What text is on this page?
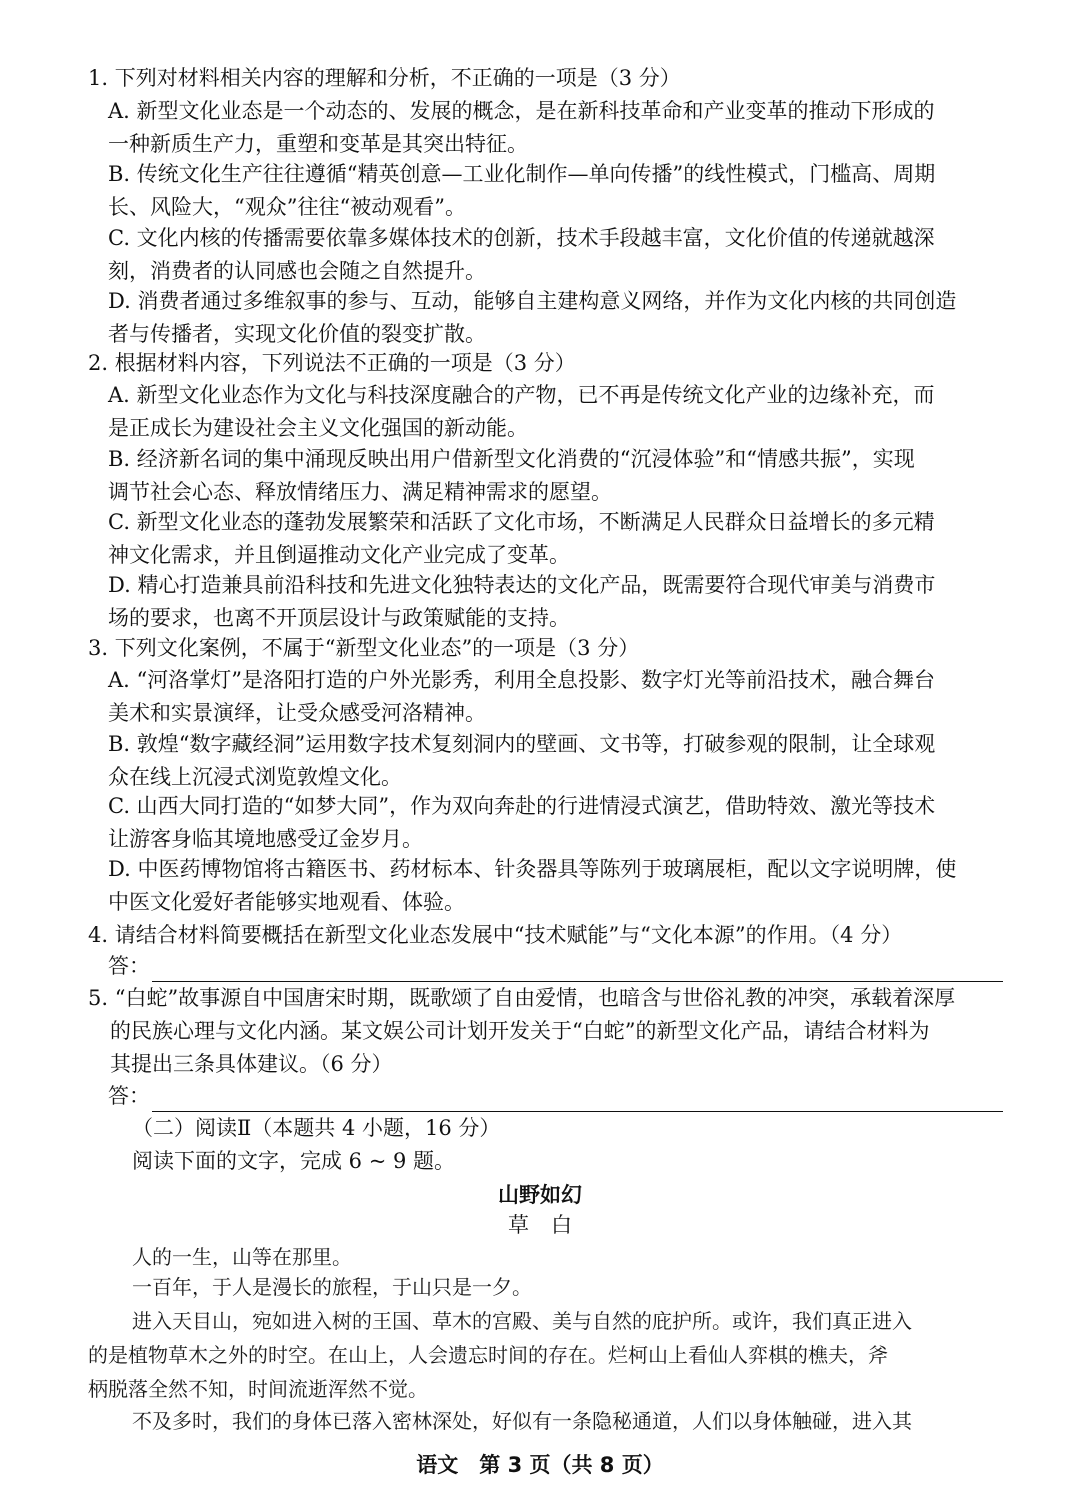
1. 下列对材料相关内容的理解和分析，不正确的一项是（3 分）
A. 新型文化业态是一个动态的、发展的概念，是在新科技革命和产业变革的推动下形成的
一种新质生产力，重塑和变革是其突出特征。
B. 传统文化生产往往遵循“精英创意—工业化制作—单向传播”的线性模式，门槛高、周期
长、风险大，“观众”往往“被动观看”。
C. 文化内核的传播需要依靠多媒体技术的创新，技术手段越丰富，文化价值的传递就越深
刻，消费者的认同感也会随之自然提升。
D. 消费者通过多维叙事的参与、互动，能够自主建构意义网络，并作为文化内核的共同创造
者与传播者，实现文化价值的裂变扩散。
2. 根据材料内容，下列说法不正确的一项是（3 分）
A. 新型文化业态作为文化与科技深度融合的产物，已不再是传统文化产业的边缘补充，而
是正成长为建设社会主义文化强国的新动能。
B. 经济新名词的集中涌现反映出用户借新型文化消费的“沉浸体验”和“情感共振”，实现
调节社会心态、释放情绪压力、满足精神需求的愿望。
C. 新型文化业态的蓬勃发展繁荣和活跃了文化市场，不断满足人民群众日益增长的多元精
神文化需求，并且倒逼推动文化产业完成了变革。
D. 精心打造兼具前沿科技和先进文化独特表达的文化产品，既需要符合现代审美与消费市
场的要求，也离不开顶层设计与政策赋能的支持。
3. 下列文化案例，不属于“新型文化业态”的一项是（3 分）
A. “河洛掌灯”是洛阳打造的户外光影秀，利用全息投影、数字灯光等前沿技术，融合舞台
美术和实景演绎，让受众感受河洛精神。
B. 敦煌“数字藏经洞”运用数字技术复刻洞内的壁画、文书等，打破参观的限制，让全球观
众在线上沉浸式浏览敦煌文化。
C. 山西大同打造的“如梦大同”，作为双向奔赴的行进情浸式演艺，借助特效、激光等技术
让游客身临其境地感受辽金岁月。
D. 中医药博物馆将古籍医书、药材标本、针灸器具等陈列于玻璃展柜，配以文字说明牌，使
中医文化爱好者能够实地观看、体验。
4. 请结合材料简要概括在新型文化业态发展中“技术赋能”与“文化本源”的作用。（4 分）
答：
5. “白蛇”故事源自中国唐宋时期，既歌颂了自由爱情，也暗含与世俗礼教的冲突，承载着深厚
的民族心理与文化内涵。某文娱公司计划开发关于“白蛇”的新型文化产品，请结合材料为
其提出三条具体建议。（6 分）
答：
（二）阅读Ⅱ（本题共 4 小题，16 分）
阅读下面的文字，完成 6 ~ 9 题。
山野如幻
草白
人的一生，山等在那里。
一百年，于人是漫长的旅程，于山只是一夕。
进入天目山，宛如进入树的王国、草木的宫殿、美与自然的庇护所。或许，我们真正进入
的是植物草木之外的时空。在山上，人会遗忘时间的存在。烂柯山上看仙人弈棋的樵夫，斧
柄脱落全然不知，时间流逝浑然不觉。
不及多时，我们的身体已落入密林深处，好似有一条隐秘通道，人们以身体触碰，进入其
语文　第 3 页（共 8 页）
